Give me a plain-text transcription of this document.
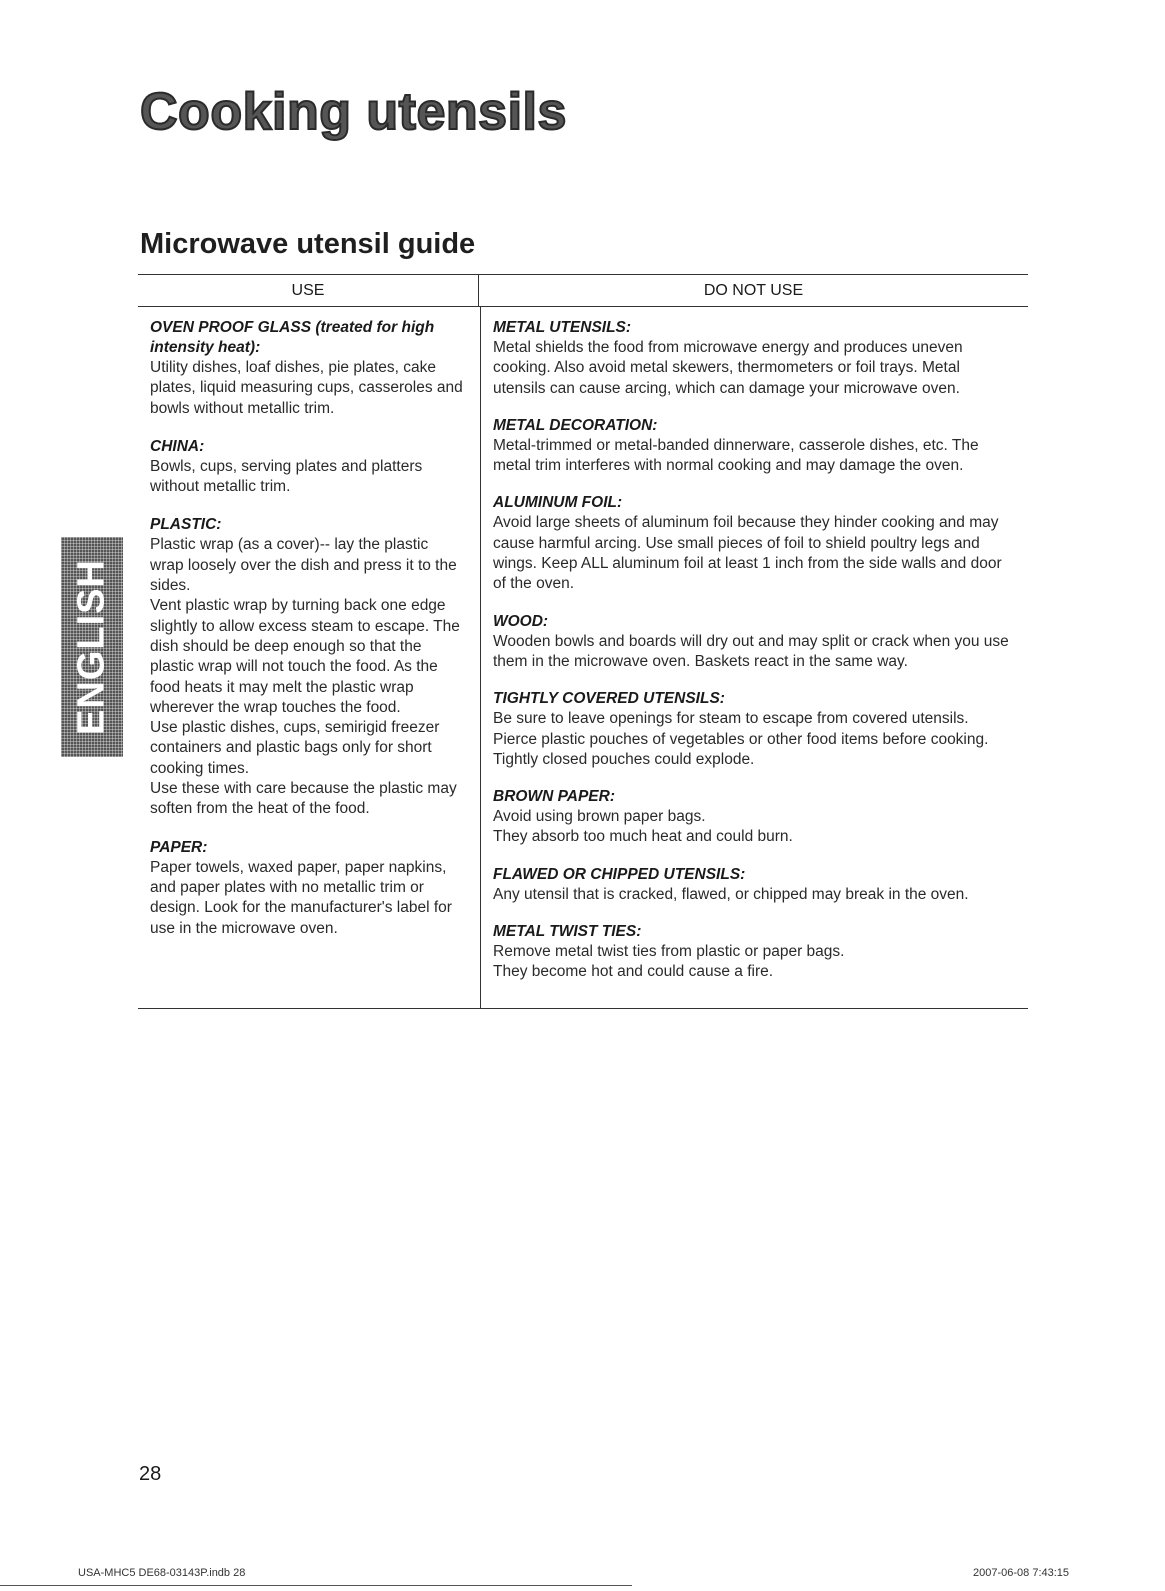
Cooking utensils
Microwave utensil guide
ENGLISH
USE	DO NOT USE
OVEN PROOF GLASS (treated for high intensity heat):
Utility dishes, loaf dishes, pie plates, cake plates, liquid measuring cups, casseroles and bowls without metallic trim.
CHINA:
Bowls, cups, serving plates and platters without metallic trim.
PLASTIC:
Plastic wrap (as a cover)-- lay the plastic wrap loosely over the dish and press it to the sides.
Vent plastic wrap by turning back one edge slightly to allow excess steam to escape. The dish should be deep enough so that the plastic wrap will not touch the food. As the food heats it may melt the plastic wrap wherever the wrap touches the food.
Use plastic dishes, cups, semirigid freezer containers and plastic bags only for short cooking times.
Use these with care because the plastic may soften from the heat of the food.
PAPER:
Paper towels, waxed paper, paper napkins, and paper plates with no metallic trim or design. Look for the manufacturer's label for use in the microwave oven.
METAL UTENSILS:
Metal shields the food from microwave energy and produces uneven cooking. Also avoid metal skewers, thermometers or foil trays. Metal utensils can cause arcing, which can damage your microwave oven.
METAL DECORATION:
Metal-trimmed or metal-banded dinnerware, casserole dishes, etc. The metal trim interferes with normal cooking and may damage the oven.
ALUMINUM FOIL:
Avoid large sheets of aluminum foil because they hinder cooking and may cause harmful arcing. Use small pieces of foil to shield poultry legs and wings. Keep ALL aluminum foil at least 1 inch from the side walls and door of the oven.
WOOD:
Wooden bowls and boards will dry out and may split or crack when you use them in the microwave oven. Baskets react in the same way.
TIGHTLY COVERED UTENSILS:
Be sure to leave openings for steam to escape from covered utensils. Pierce plastic pouches of vegetables or other food items before cooking. Tightly closed pouches could explode.
BROWN PAPER:
Avoid using brown paper bags.
They absorb too much heat and could burn.
FLAWED OR CHIPPED UTENSILS:
Any utensil that is cracked, flawed, or chipped may break in the oven.
METAL TWIST TIES:
Remove metal twist ties from plastic or paper bags.
They become hot and could cause a fire.
28
USA-MHC5 DE68-03143P.indb 28	2007-06-08 7:43:15
